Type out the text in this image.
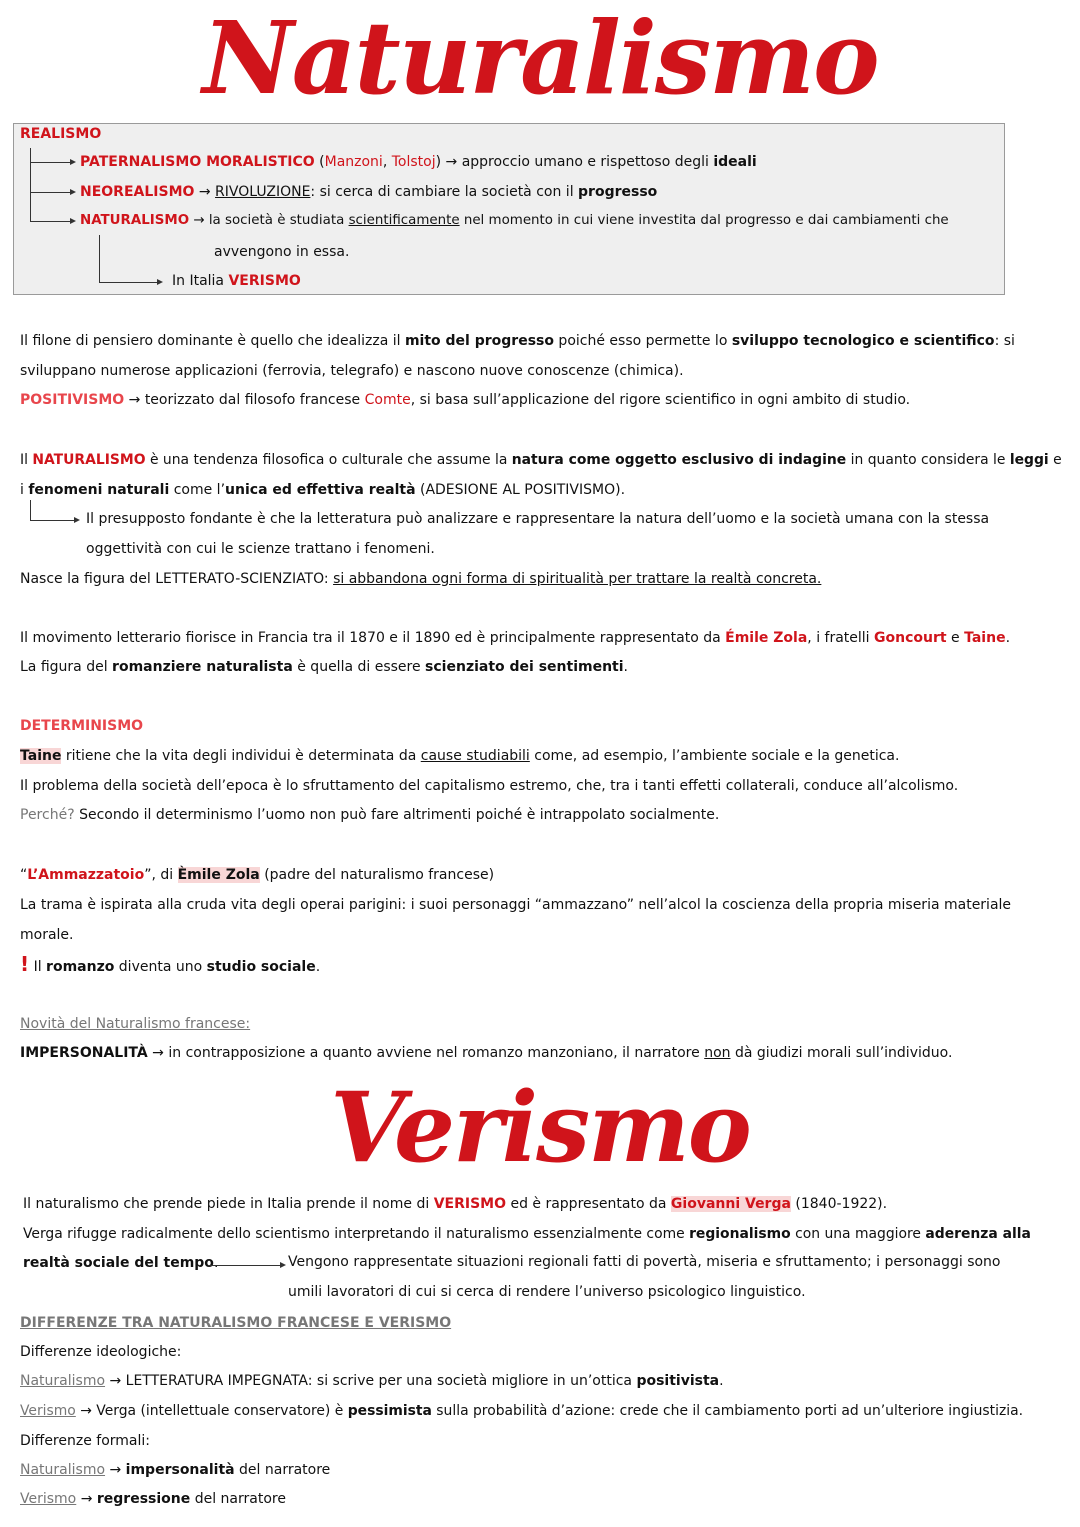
Naturalismo
REALISMO
PATERNALISMO MORALISTICO (Manzoni, Tolstoj) → approccio umano e rispettoso degli ideali
NEOREALISMO → RIVOLUZIONE: si cerca di cambiare la società con il progresso
NATURALISMO → la società è studiata scientificamente nel momento in cui viene investita dal progresso e dai cambiamenti che
avvengono in essa.
In Italia VERISMO
Il filone di pensiero dominante è quello che idealizza il mito del progresso poiché esso permette lo sviluppo tecnologico e scientifico: si
sviluppano numerose applicazioni (ferrovia, telegrafo) e nascono nuove conoscenze (chimica).
POSITIVISMO → teorizzato dal filosofo francese Comte, si basa sull’applicazione del rigore scientifico in ogni ambito di studio.
Il NATURALISMO è una tendenza filosofica o culturale che assume la natura come oggetto esclusivo di indagine in quanto considera le leggi e
i fenomeni naturali come l’unica ed effettiva realtà (ADESIONE AL POSITIVISMO).
Il presupposto fondante è che la letteratura può analizzare e rappresentare la natura dell’uomo e la società umana con la stessa
oggettività con cui le scienze trattano i fenomeni.
Nasce la figura del LETTERATO-SCIENZIATO: si abbandona ogni forma di spiritualità per trattare la realtà concreta.
Il movimento letterario fiorisce in Francia tra il 1870 e il 1890 ed è principalmente rappresentato da Émile Zola, i fratelli Goncourt e Taine.
La figura del romanziere naturalista è quella di essere scienziato dei sentimenti.
DETERMINISMO
Taine ritiene che la vita degli individui è determinata da cause studiabili come, ad esempio, l’ambiente sociale e la genetica.
Il problema della società dell’epoca è lo sfruttamento del capitalismo estremo, che, tra i tanti effetti collaterali, conduce all’alcolismo.
Perché? Secondo il determinismo l’uomo non può fare altrimenti poiché è intrappolato socialmente.
“L’Ammazzatoio”, di Èmile Zola (padre del naturalismo francese)
La trama è ispirata alla cruda vita degli operai parigini: i suoi personaggi “ammazzano” nell’alcol la coscienza della propria miseria materiale
morale.
! Il romanzo diventa uno studio sociale.
Novità del Naturalismo francese:
IMPERSONALITÀ → in contrapposizione a quanto avviene nel romanzo manzoniano, il narratore non dà giudizi morali sull’individuo.
Verismo
Il naturalismo che prende piede in Italia prende il nome di VERISMO ed è rappresentato da Giovanni Verga (1840-1922).
Verga rifugge radicalmente dello scientismo interpretando il naturalismo essenzialmente come regionalismo con una maggiore aderenza alla
realtà sociale del tempo.	Vengono rappresentate situazioni regionali fatti di povertà, miseria e sfruttamento; i personaggi sono
umili lavoratori di cui si cerca di rendere l’universo psicologico linguistico.
DIFFERENZE TRA NATURALISMO FRANCESE E VERISMO
Differenze ideologiche:
Naturalismo → LETTERATURA IMPEGNATA: si scrive per una società migliore in un’ottica positivista.
Verismo → Verga (intellettuale conservatore) è pessimista sulla probabilità d’azione: crede che il cambiamento porti ad un’ulteriore ingiustizia.
Differenze formali:
Naturalismo → impersonalità del narratore
Verismo → regressione del narratore
